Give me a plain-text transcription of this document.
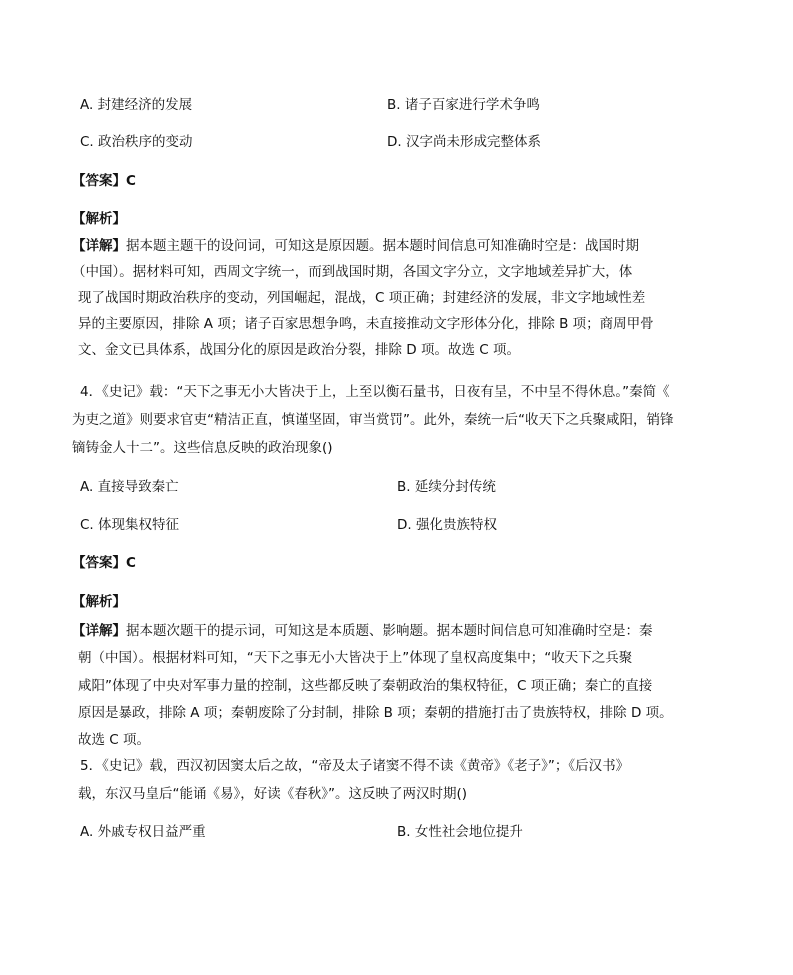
A. 封建经济的发展	B. 诸子百家进行学术争鸣
C. 政治秩序的变动	D. 汉字尚未形成完整体系
【答案】C
【解析】
【详解】据本题主题干的设问词，可知这是原因题。据本题时间信息可知准确时空是：战国时期
（中国）。据材料可知，西周文字统一，而到战国时期，各国文字分立，文字地域差异扩大，体
现了战国时期政治秩序的变动，列国崛起，混战，C 项正确；封建经济的发展，非文字地域性差
异的主要原因，排除 A 项；诸子百家思想争鸣，未直接推动文字形体分化，排除 B 项；商周甲骨
文、金文已具体系，战国分化的原因是政治分裂，排除 D 项。故选 C 项。
4．《史记》载：“天下之事无小大皆决于上，上至以衡石量书，日夜有呈，不中呈不得休息。”秦简《
为吏之道》则要求官吏“精洁正直，慎谨坚固，审当赏罚”。此外，秦统一后“收天下之兵聚咸阳，销锋
镝铸金人十二”。这些信息反映的政治现象()
A. 直接导致秦亡	B. 延续分封传统
C. 体现集权特征	D. 强化贵族特权
【答案】C
【解析】
【详解】据本题次题干的提示词，可知这是本质题、影响题。据本题时间信息可知准确时空是：秦
朝（中国）。根据材料可知，“天下之事无小大皆决于上”体现了皇权高度集中；“收天下之兵聚
咸阳”体现了中央对军事力量的控制，这些都反映了秦朝政治的集权特征，C 项正确；秦亡的直接
原因是暴政，排除 A 项；秦朝废除了分封制，排除 B 项；秦朝的措施打击了贵族特权，排除 D 项。
故选 C 项。
5．《史记》载，西汉初因窦太后之故，“帝及太子诸窦不得不读《黄帝》《老子》”；《后汉书》
载，东汉马皇后“能诵《易》，好读《春秋》”。这反映了两汉时期()
A. 外戚专权日益严重	B. 女性社会地位提升
